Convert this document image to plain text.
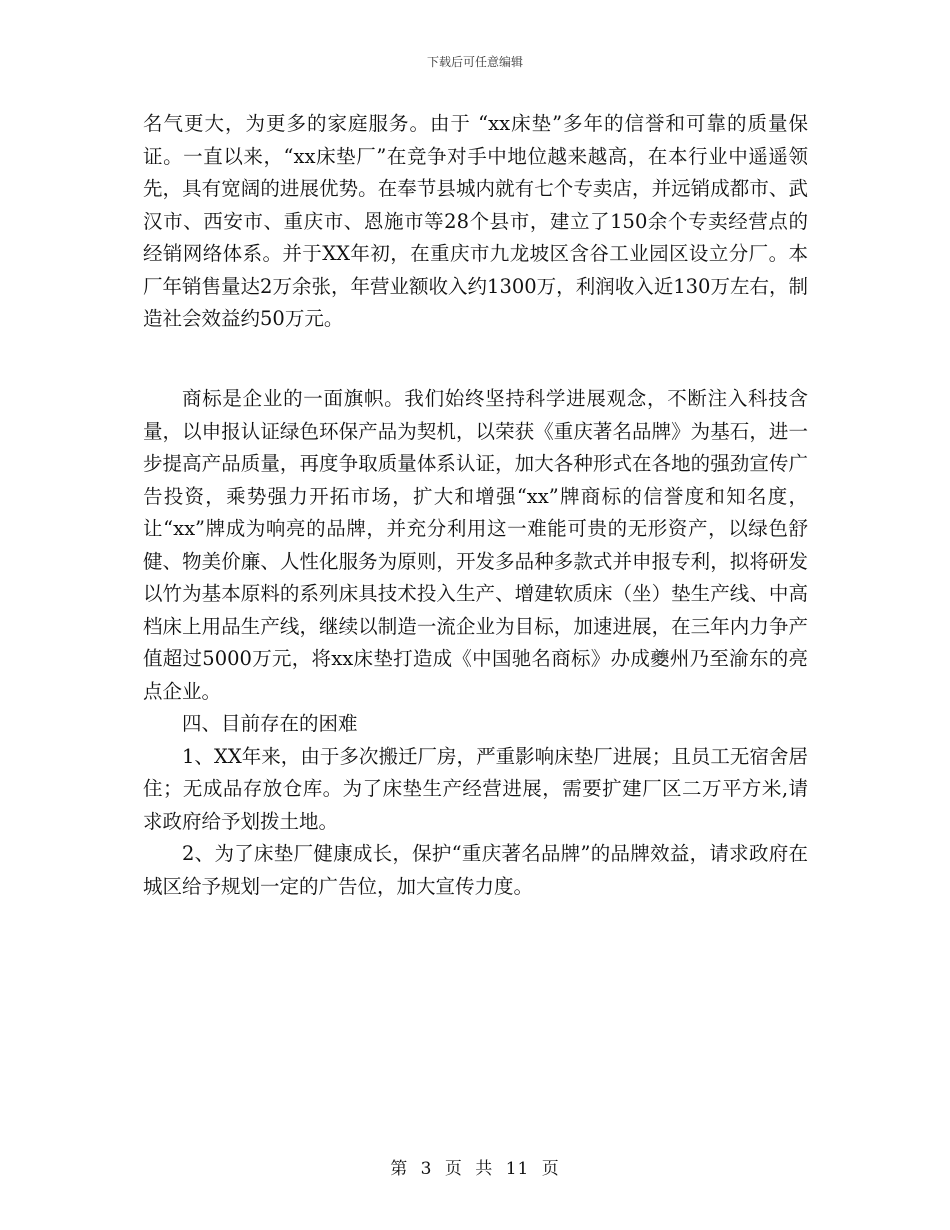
下载后可任意编辑

名气更大，为更多的家庭服务。由于 “xx床垫”多年的信誉和可靠的质量保证。一直以来，“xx床垫厂”在竞争对手中地位越来越高，在本行业中遥遥领先，具有宽阔的进展优势。在奉节县城内就有七个专卖店，并远销成都市、武汉市、西安市、重庆市、恩施市等28个县市，建立了150余个专卖经营点的经销网络体系。并于XX年初，在重庆市九龙坡区含谷工业园区设立分厂。本厂年销售量达2万余张，年营业额收入约1300万，利润收入近130万左右，制造社会效益约50万元。

商标是企业的一面旗帜。我们始终坚持科学进展观念，不断注入科技含量，以申报认证绿色环保产品为契机，以荣获《重庆著名品牌》为基石，进一步提高产品质量，再度争取质量体系认证，加大各种形式在各地的强劲宣传广告投资，乘势强力开拓市场，扩大和增强“xx”牌商标的信誉度和知名度，让“xx”牌成为响亮的品牌，并充分利用这一难能可贵的无形资产，以绿色舒健、物美价廉、人性化服务为原则，开发多品种多款式并申报专利，拟将研发以竹为基本原料的系列床具技术投入生产、增建软质床（坐）垫生产线、中高档床上用品生产线，继续以制造一流企业为目标，加速进展，在三年内力争产值超过5000万元，将xx床垫打造成《中国驰名商标》办成夔州乃至渝东的亮点企业。

四、目前存在的困难

1、XX年来，由于多次搬迁厂房，严重影响床垫厂进展；且员工无宿舍居住；无成品存放仓库。为了床垫生产经营进展，需要扩建厂区二万平方米,请求政府给予划拨土地。

2、为了床垫厂健康成长，保护“重庆著名品牌”的品牌效益，请求政府在城区给予规划一定的广告位，加大宣传力度。

第 3 页 共 11 页
